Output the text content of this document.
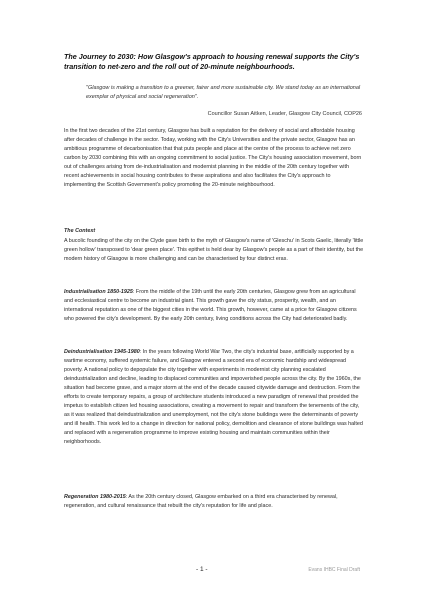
The Journey to 2030: How Glasgow's approach to housing renewal supports the City's transition to net-zero and the roll out of 20-minute neighbourhoods.
"Glasgow is making a transition to a greener, fairer and more sustainable city. We stand today as an international exemplar of physical and social regeneration".
Councillor Susan Aitken, Leader, Glasgow City Council, COP26
In the first two decades of the 21st century, Glasgow has built a reputation for the delivery of social and affordable housing after decades of challenge in the sector. Today, working with the City's Universities and the private sector, Glasgow has an ambitious programme of decarbonisation that that puts people and place at the centre of the process to achieve net zero carbon by 2030 combining this with an ongoing commitment to social justice. The City's housing association movement, born out of challenges arising from de-industrialisation and modernist planning in the middle of the 20th century together with recent achievements in social housing contributes to these aspirations and also facilitates the City's approach to implementing the Scottish Government's policy promoting the 20-minute neighbourhood.
The Context
A bucolic founding of the city on the Clyde gave birth to the myth of Glasgow's name of 'Gleschu' in Scots Gaelic, literally 'little green hollow' transposed to 'dear green place'. This epithet is held dear by Glasgow's people as a part of their identity, but the modern history of Glasgow is more challenging and can be characterised by four distinct eras.
Industrialisation 1850-1925: From the middle of the 19th until the early 20th centuries, Glasgow grew from an agricultural and ecclesiastical centre to become an industrial giant. This growth gave the city status, prosperity, wealth, and an international reputation as one of the biggest cities in the world. This growth, however, came at a price for Glasgow citizens who powered the city's development. By the early 20th century, living conditions across the City had deteriorated badly.
Deindustrialisation 1945-1980: In the years following World War Two, the city's industrial base, artificially supported by a wartime economy, suffered systemic failure, and Glasgow entered a second era of economic hardship and widespread poverty. A national policy to depopulate the city together with experiments in modernist city planning escalated deindustrialization and decline, leading to displaced communities and impoverished people across the city. By the 1960s, the situation had become grave, and a major storm at the end of the decade caused citywide damage and destruction. From the efforts to create temporary repairs, a group of architecture students introduced a new paradigm of renewal that provided the impetus to establish citizen led housing associations, creating a movement to repair and transform the tenements of the city, as it was realized that deindustrialization and unemployment, not the city's stone buildings were the determinants of poverty and ill health. This work led to a change in direction for national policy, demolition and clearance of stone buildings was halted and replaced with a regeneration programme to improve existing housing and maintain communities within their neighborhoods.
Regeneration 1980-2015: As the 20th century closed, Glasgow embarked on a third era characterised by renewal, regeneration, and cultural renaissance that rebuilt the city's reputation for life and place.
- 1 -	Evans IHBC Final Draft
